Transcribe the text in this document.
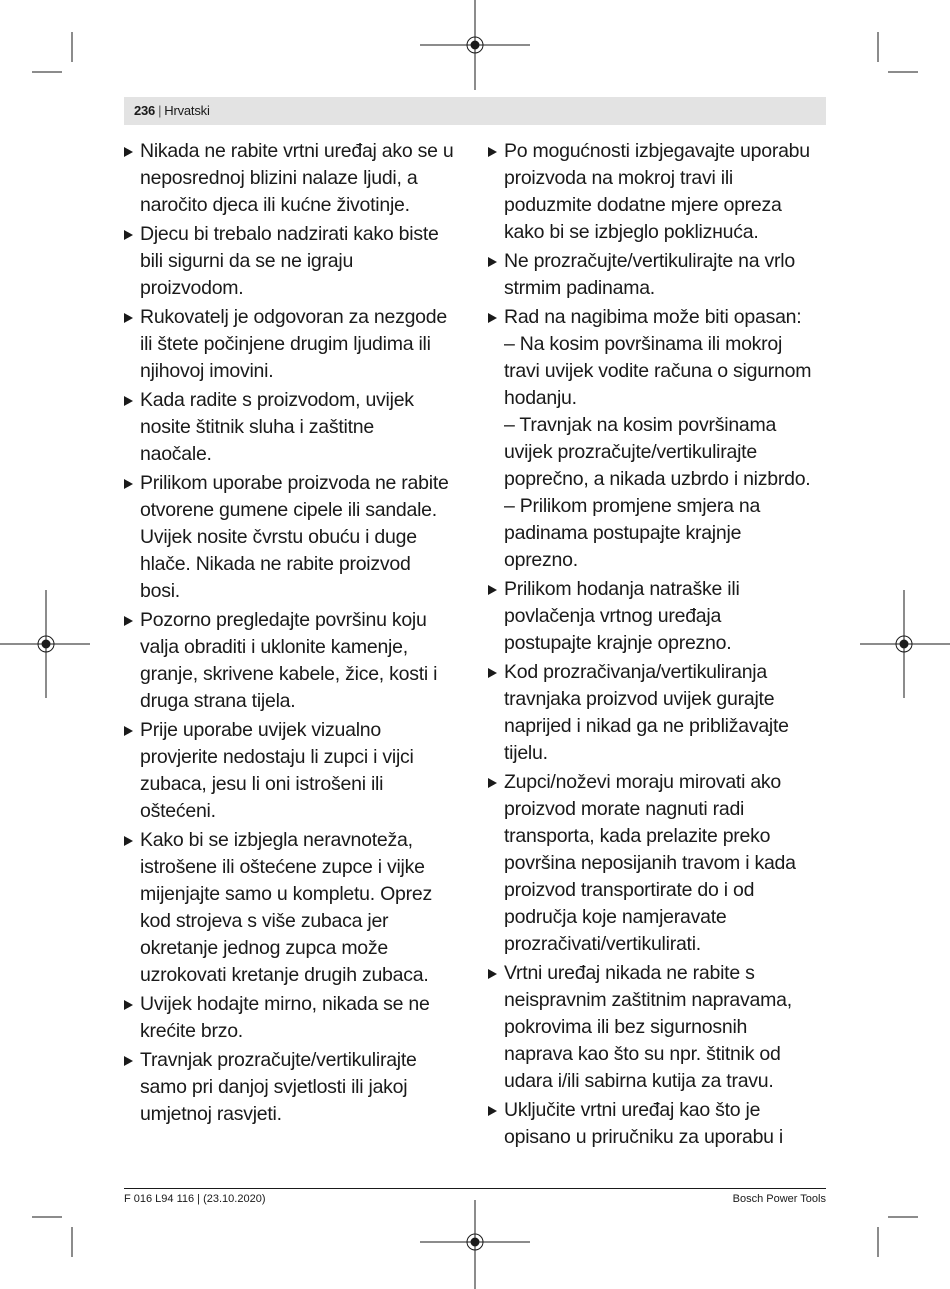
236 | Hrvatski
Nikada ne rabite vrtni uređaj ako se u
neposrednoj blizini nalaze ljudi, a
naročito djeca ili kućne životinje.
Djecu bi trebalo nadzirati kako biste
bili sigurni da se ne igraju
proizvodom.
Rukovatelj je odgovoran za nezgode
ili štete počinjene drugim ljudima ili
njihovoj imovini.
Kada radite s proizvodom, uvijek
nosite štitnik sluha i zaštitne
naočale.
Prilikom uporabe proizvoda ne rabite
otvorene gumene cipele ili sandale.
Uvijek nosite čvrstu obuću i duge
hlače. Nikada ne rabite proizvod
bosi.
Pozorno pregledajte površinu koju
valja obraditi i uklonite kamenje,
granje, skrivene kabele, žice, kosti i
druga strana tijela.
Prije uporabe uvijek vizualno
provjerite nedostaju li zupci i vijci
zubaca, jesu li oni istrošeni ili
oštećeni.
Kako bi se izbjegla neravnoteža,
istrošene ili oštećene zupce i vijke
mijenjajte samo u kompletu. Oprez
kod strojeva s više zubaca jer
okretanje jednog zupca može
uzrokovati kretanje drugih zubaca.
Uvijek hodajte mirno, nikada se ne
krećite brzo.
Travnjak prozračujte/vertikulirajte
samo pri danjoj svjetlosti ili jakoj
umjetnoj rasvjeti.
Po mogućnosti izbjegavajte uporabu
proizvoda na mokroj travi ili
poduzmite dodatne mjere opreza
kako bi se izbjeglo poklizнuća.
Ne prozračujte/vertikulirajte na vrlo
strmim padinama.
Rad na nagibima može biti opasan:
– Na kosim površinama ili mokroj
travi uvijek vodite računa o sigurnom
hodanju.
– Travnjak na kosim površinama
uvijek prozračujte/vertikulirajte
poprečno, a nikada uzbrdo i nizbrdo.
– Prilikom promjene smjera na
padinama postupajte krajnje
oprezno.
Prilikom hodanja natraške ili
povlačenja vrtnog uređaja
postupajte krajnje oprezno.
Kod prozračivanja/vertikuliranja
travnjaka proizvod uvijek gurajte
naprijed i nikad ga ne približavajte
tijelu.
Zupci/noževi moraju mirovati ako
proizvod morate nagnuti radi
transporta, kada prelazite preko
površina neposijanih travom i kada
proizvod transportirate do i od
područja koje namjeravate
prozračivati/vertikulirati.
Vrtni uređaj nikada ne rabite s
neispravnim zaštitnim napravama,
pokrovima ili bez sigurnosnih
naprava kao što su npr. štitnik od
udara i/ili sabirna kutija za travu.
Uključite vrtni uređaj kao što je
opisano u priručniku za uporabu i
F 016 L94 116 | (23.10.2020)	Bosch Power Tools
